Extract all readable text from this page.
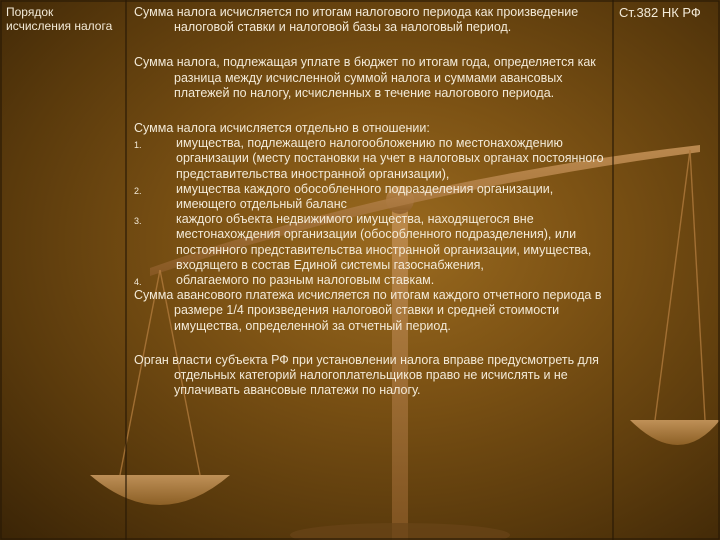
Порядок исчисления налога

Сумма налога исчисляется по итогам налогового периода как произведение налоговой ставки и налоговой базы за налоговый период.

Сумма налога, подлежащая уплате в бюджет по итогам года, определяется как разница между исчисленной суммой налога и суммами авансовых платежей по налогу, исчисленных в течение налогового периода.

Сумма налога исчисляется отдельно в отношении:

1.	имущества, подлежащего налогообложению по местонахождению организации (месту постановки на учет в налоговых органах постоянного представительства иностранной организации),
2.	имущества каждого обособленного подразделения организации, имеющего отдельный баланс
3.	каждого объекта недвижимого имущества, находящегося вне местонахождения организации (обособленного подразделения), или постоянного представительства иностранной организации, имущества, входящего в состав Единой системы газоснабжения,
4.	облагаемого по разным налоговым ставкам.

Сумма авансового платежа исчисляется по итогам каждого отчетного периода в размере 1/4 произведения налоговой ставки и средней стоимости имущества, определенной за отчетный период.

Орган власти субъекта РФ при установлении налога вправе предусмотреть для отдельных категорий налогоплательщиков право не исчислять и не уплачивать авансовые платежи по налогу.

Ст.382 НК РФ
